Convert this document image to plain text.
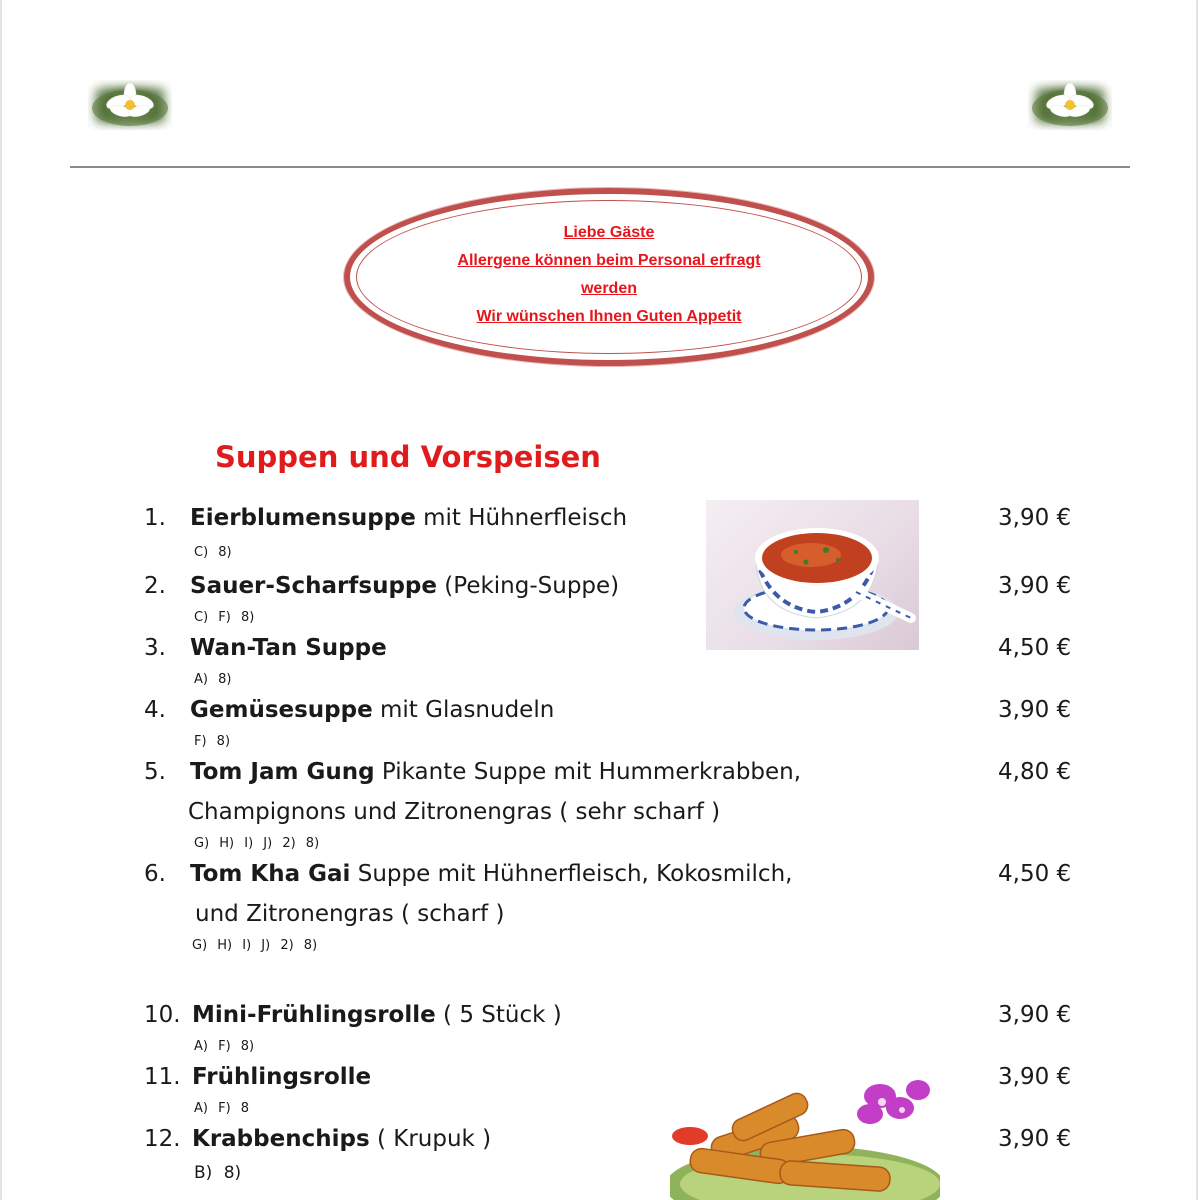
Liebe Gäste
Allergene können beim Personal erfragt
werden
Wir wünschen Ihnen Guten Appetit
Suppen und Vorspeisen
1. Eierblumensuppe mit Hühnerfleisch	3,90 €
C) 8)
2. Sauer-Scharfsuppe (Peking-Suppe)	3,90 €
C) F) 8)
3. Wan-Tan Suppe	4,50 €
A) 8)
4. Gemüsesuppe mit Glasnudeln	3,90 €
F) 8)
5. Tom Jam Gung Pikante Suppe mit Hummerkrabben,
Champignons und Zitronengras ( sehr scharf )
4,80 €
G) H) I) J) 2) 8)
6. Tom Kha Gai Suppe mit Hühnerfleisch, Kokosmilch,
und Zitronengras ( scharf )
4,50 €
G) H) I) J) 2) 8)
10. Mini-Frühlingsrolle ( 5 Stück )	3,90 €
A) F) 8)
11. Frühlingsrolle	3,90 €
A) F) 8
12. Krabbenchips ( Krupuk )	3,90 €
B) 8)
